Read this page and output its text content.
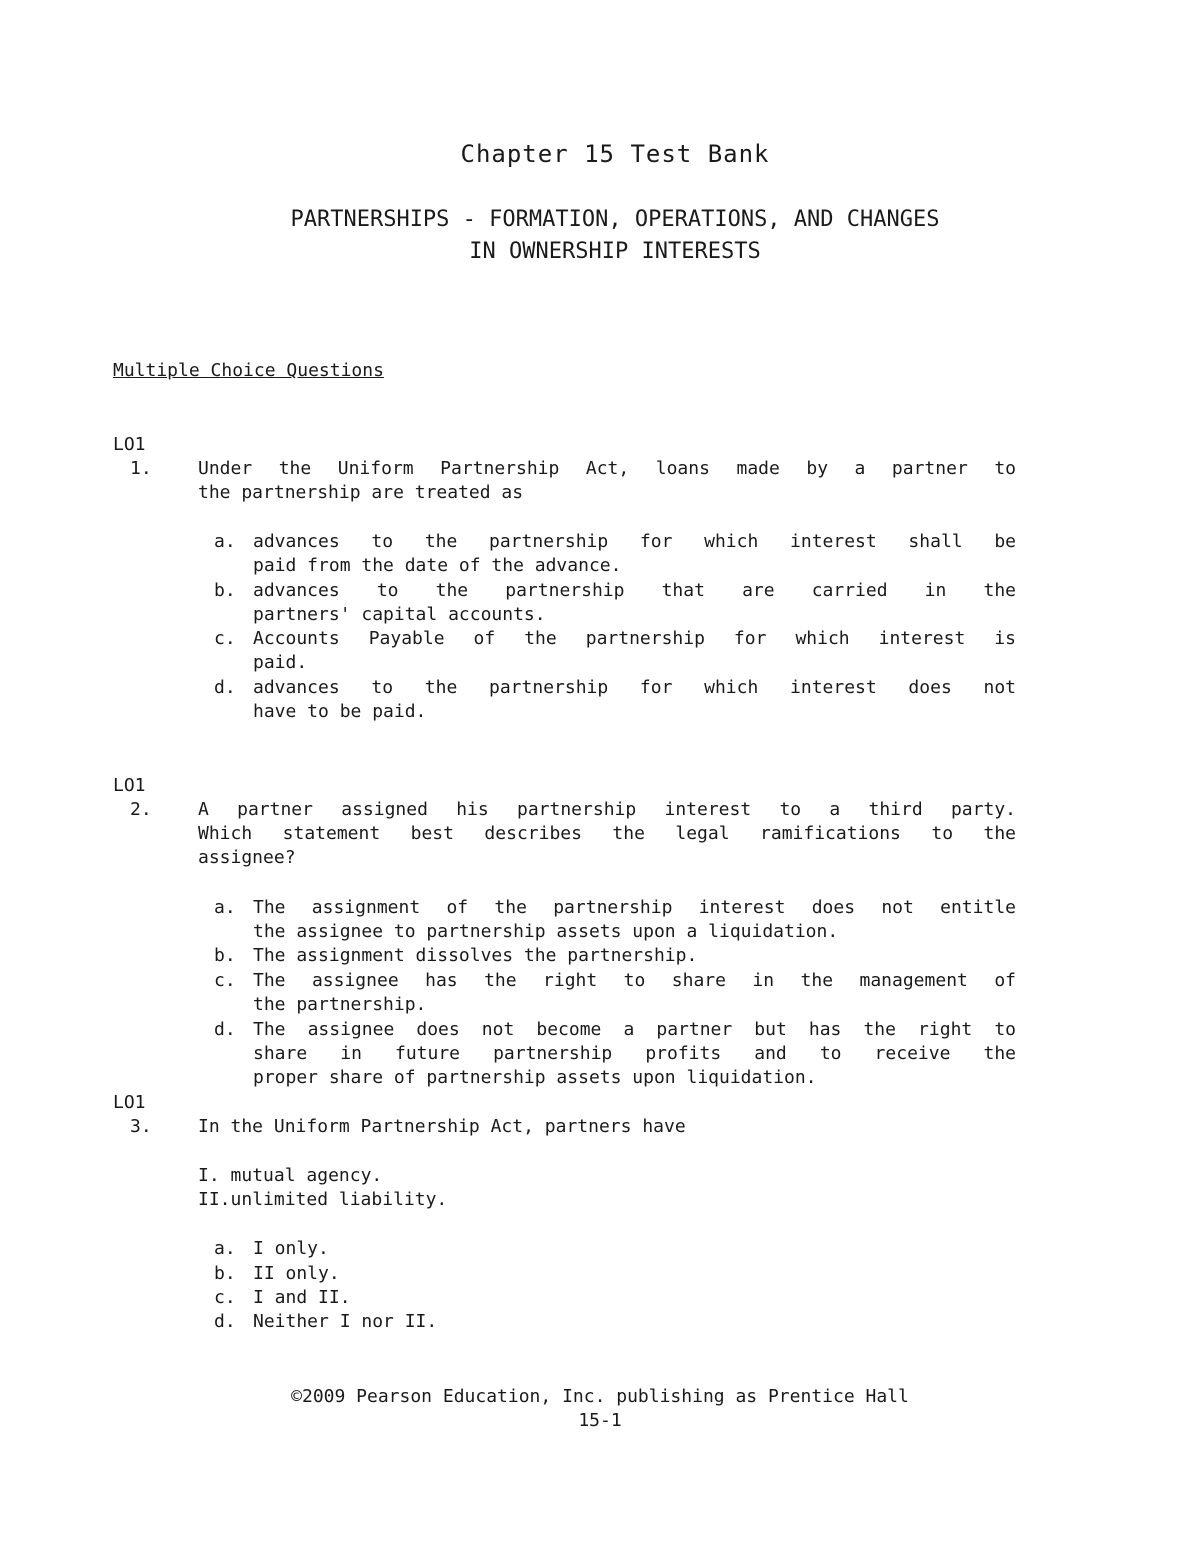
Chapter 15 Test Bank
PARTNERSHIPS - FORMATION, OPERATIONS, AND CHANGES
IN OWNERSHIP INTERESTS
Multiple Choice Questions
LO1
1.	Under the Uniform Partnership Act, loans made by a partner to
the partnership are treated as
a. advances to the partnership for which interest shall be
paid from the date of the advance.
b. advances to the partnership that are carried in the
partners' capital accounts.
c. Accounts Payable of the partnership for which interest is
paid.
d. advances to the partnership for which interest does not
have to be paid.
LO1
2.	A partner assigned his partnership interest to a third party.
Which statement best describes the legal ramifications to the
assignee?
a. The assignment of the partnership interest does not entitle
the assignee to partnership assets upon a liquidation.
b. The assignment dissolves the partnership.
c. The assignee has the right to share in the management of
the partnership.
d. The assignee does not become a partner but has the right to
share in future partnership profits and to receive the
proper share of partnership assets upon liquidation.
LO1
3.	In the Uniform Partnership Act, partners have
I. mutual agency.
II.unlimited liability.
a. I only.
b. II only.
c. I and II.
d. Neither I nor II.
©2009 Pearson Education, Inc. publishing as Prentice Hall
15-1
